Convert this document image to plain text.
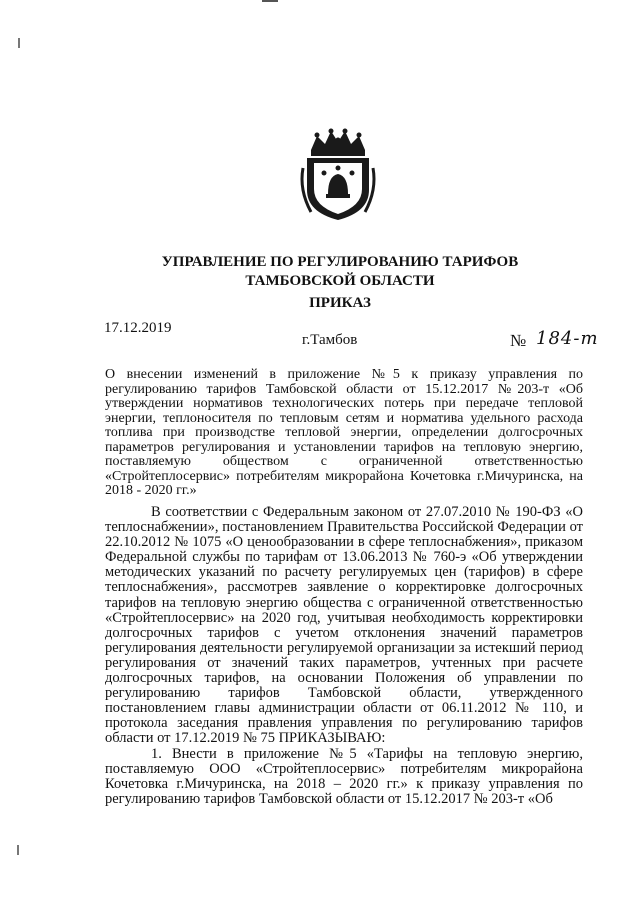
УПРАВЛЕНИЕ ПО РЕГУЛИРОВАНИЮ ТАРИФОВ
ТАМБОВСКОЙ ОБЛАСТИ
ПРИКАЗ
17.12.2019
г.Тамбов	№ 184-т
О внесении изменений в приложение №5 к приказу управления по регулированию тарифов Тамбовской области от 15.12.2017 №203-т «Об утверждении нормативов технологических потерь при передаче тепловой энергии, теплоносителя по тепловым сетям и норматива удельного расхода топлива при производстве тепловой энергии, определении долгосрочных параметров регулирования и установлении тарифов на тепловую энергию, поставляемую обществом с ограниченной ответственностью «Стройтеплосервис» потребителям микрорайона Кочетовка г.Мичуринска, на 2018 - 2020 гг.»

В соответствии с Федеральным законом от 27.07.2010 № 190-ФЗ «О теплоснабжении», постановлением Правительства Российской Федерации от 22.10.2012 № 1075 «О ценообразовании в сфере теплоснабжения», приказом Федеральной службы по тарифам от 13.06.2013 № 760-э «Об утверждении методических указаний по расчету регулируемых цен (тарифов) в сфере теплоснабжения», рассмотрев заявление о корректировке долгосрочных тарифов на тепловую энергию общества с ограниченной ответственностью «Стройтеплосервис» на 2020 год, учитывая необходимость корректировки долгосрочных тарифов с учетом отклонения значений параметров регулирования деятельности регулируемой организации за истекший период регулирования от значений таких параметров, учтенных при расчете долгосрочных тарифов, на основании Положения об управлении по регулированию тарифов Тамбовской области, утвержденного постановлением главы администрации области от 06.11.2012 № 110, и протокола заседания правления управления по регулированию тарифов области от 17.12.2019 № 75 ПРИКАЗЫВАЮ:

1. Внести в приложение №5 «Тарифы на тепловую энергию, поставляемую ООО «Стройтеплосервис» потребителям микрорайона Кочетовка г.Мичуринска, на 2018 – 2020 гг.» к приказу управления по регулированию тарифов Тамбовской области от 15.12.2017 № 203-т «Об
